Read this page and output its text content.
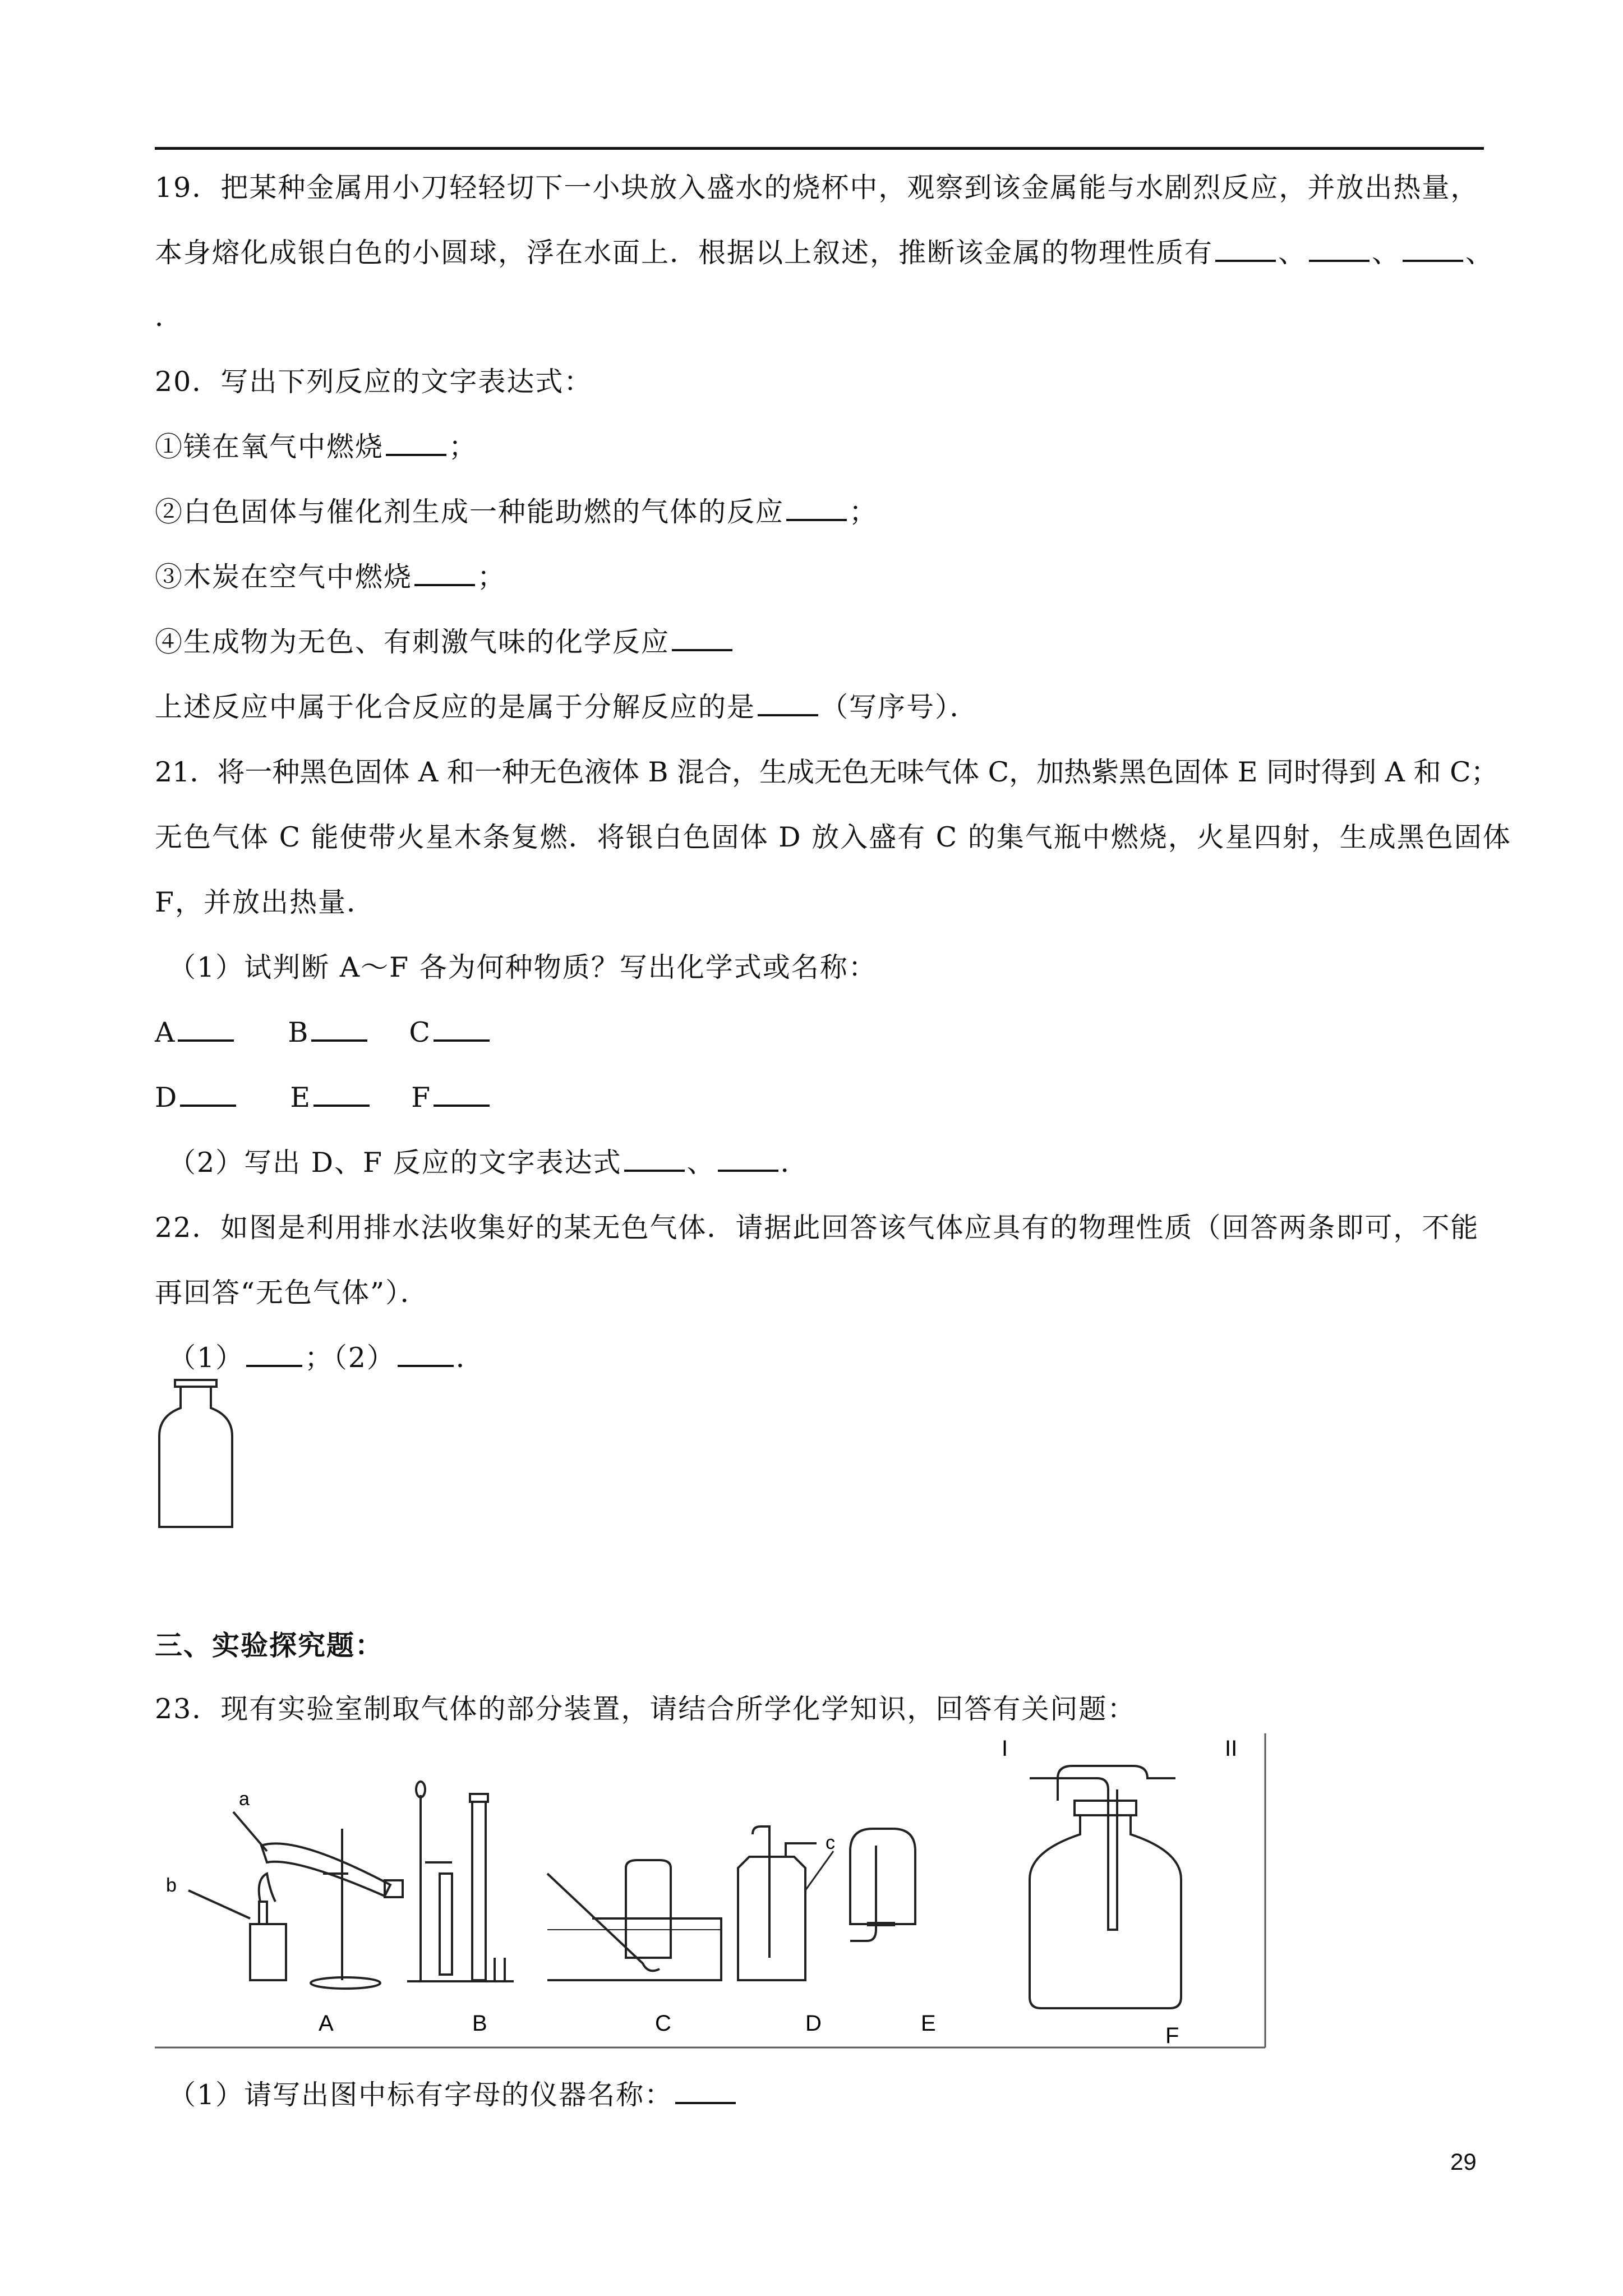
19．把某种金属用小刀轻轻切下一小块放入盛水的烧杯中，观察到该金属能与水剧烈反应，并放出热量，
本身熔化成银白色的小圆球，浮在水面上．根据以上叙述，推断该金属的物理性质有 、 、 、
．
20．写出下列反应的文字表达式：
①镁在氧气中燃烧 ；
②白色固体与催化剂生成一种能助燃的气体的反应 ；
③木炭在空气中燃烧 ；
④生成物为无色、有刺激气味的化学反应
上述反应中属于化合反应的是属于分解反应的是 （写序号）．
21．将一种黑色固体 A 和一种无色液体 B 混合，生成无色无味气体 C，加热紫黑色固体 E 同时得到 A 和 C；
无色气体 C 能使带火星木条复燃．将银白色固体 D 放入盛有 C 的集气瓶中燃烧，火星四射，生成黑色固体
F，并放出热量．
（1）试判断 A～F 各为何种物质？写出化学式或名称：
A	B	C
D	E	F
（2）写出 D、F 反应的文字表达式 、 ．
22．如图是利用排水法收集好的某无色气体．请据此回答该气体应具有的物理性质（回答两条即可，不能
再回答“无色气体”）．
（1） ；（2） ．
三、实验探究题：
23．现有实验室制取气体的部分装置，请结合所学化学知识，回答有关问题：
a
b
c
I	II
A	B	C	D	E	F
（1）请写出图中标有字母的仪器名称：
29
